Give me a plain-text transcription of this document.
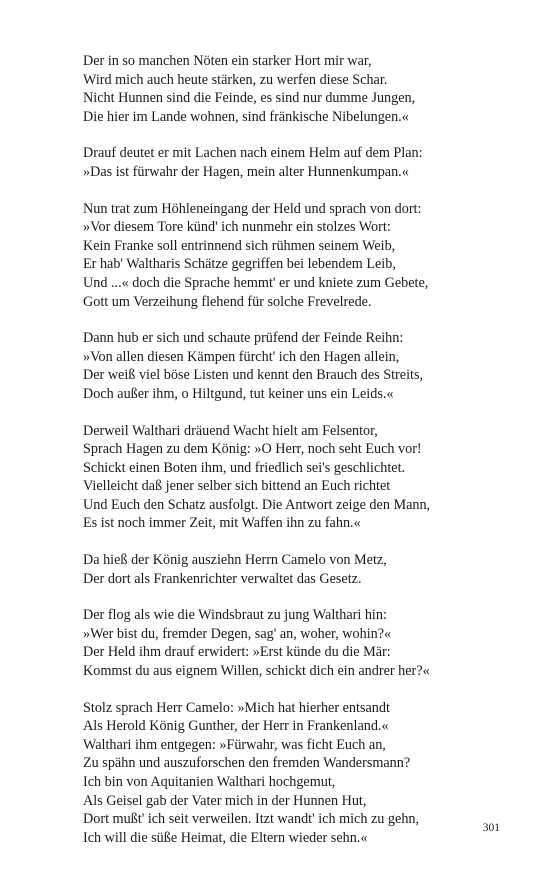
Der in so manchen Nöten ein starker Hort mir war,
Wird mich auch heute stärken, zu werfen diese Schar.
Nicht Hunnen sind die Feinde, es sind nur dumme Jungen,
Die hier im Lande wohnen, sind fränkische Nibelungen.«
Drauf deutet er mit Lachen nach einem Helm auf dem Plan:
»Das ist fürwahr der Hagen, mein alter Hunnenkumpan.«
Nun trat zum Höhleneingang der Held und sprach von dort:
»Vor diesem Tore künd' ich nunmehr ein stolzes Wort:
Kein Franke soll entrinnend sich rühmen seinem Weib,
Er hab' Waltharis Schätze gegriffen bei lebendem Leib,
Und ...« doch die Sprache hemmt' er und kniete zum Gebete,
Gott um Verzeihung flehend für solche Frevelrede.
Dann hub er sich und schaute prüfend der Feinde Reihn:
»Von allen diesen Kämpen fürcht' ich den Hagen allein,
Der weiß viel böse Listen und kennt den Brauch des Streits,
Doch außer ihm, o Hiltgund, tut keiner uns ein Leids.«
Derweil Walthari dräuend Wacht hielt am Felsentor,
Sprach Hagen zu dem König: »O Herr, noch seht Euch vor!
Schickt einen Boten ihm, und friedlich sei's geschlichtet.
Vielleicht daß jener selber sich bittend an Euch richtet
Und Euch den Schatz ausfolgt. Die Antwort zeige den Mann,
Es ist noch immer Zeit, mit Waffen ihn zu fahn.«
Da hieß der König ausziehn Herrn Camelo von Metz,
Der dort als Frankenrichter verwaltet das Gesetz.
Der flog als wie die Windsbraut zu jung Walthari hin:
»Wer bist du, fremder Degen, sag' an, woher, wohin?«
Der Held ihm drauf erwidert: »Erst künde du die Mär:
Kommst du aus eignem Willen, schickt dich ein andrer her?«
Stolz sprach Herr Camelo: »Mich hat hierher entsandt
Als Herold König Gunther, der Herr in Frankenland.«
Walthari ihm entgegen: »Fürwahr, was ficht Euch an,
Zu spähn und auszuforschen den fremden Wandersmann?
Ich bin von Aquitanien Walthari hochgemut,
Als Geisel gab der Vater mich in der Hunnen Hut,
Dort mußt' ich seit verweilen. Itzt wandt' ich mich zu gehn,
Ich will die süße Heimat, die Eltern wieder sehn.«
301
